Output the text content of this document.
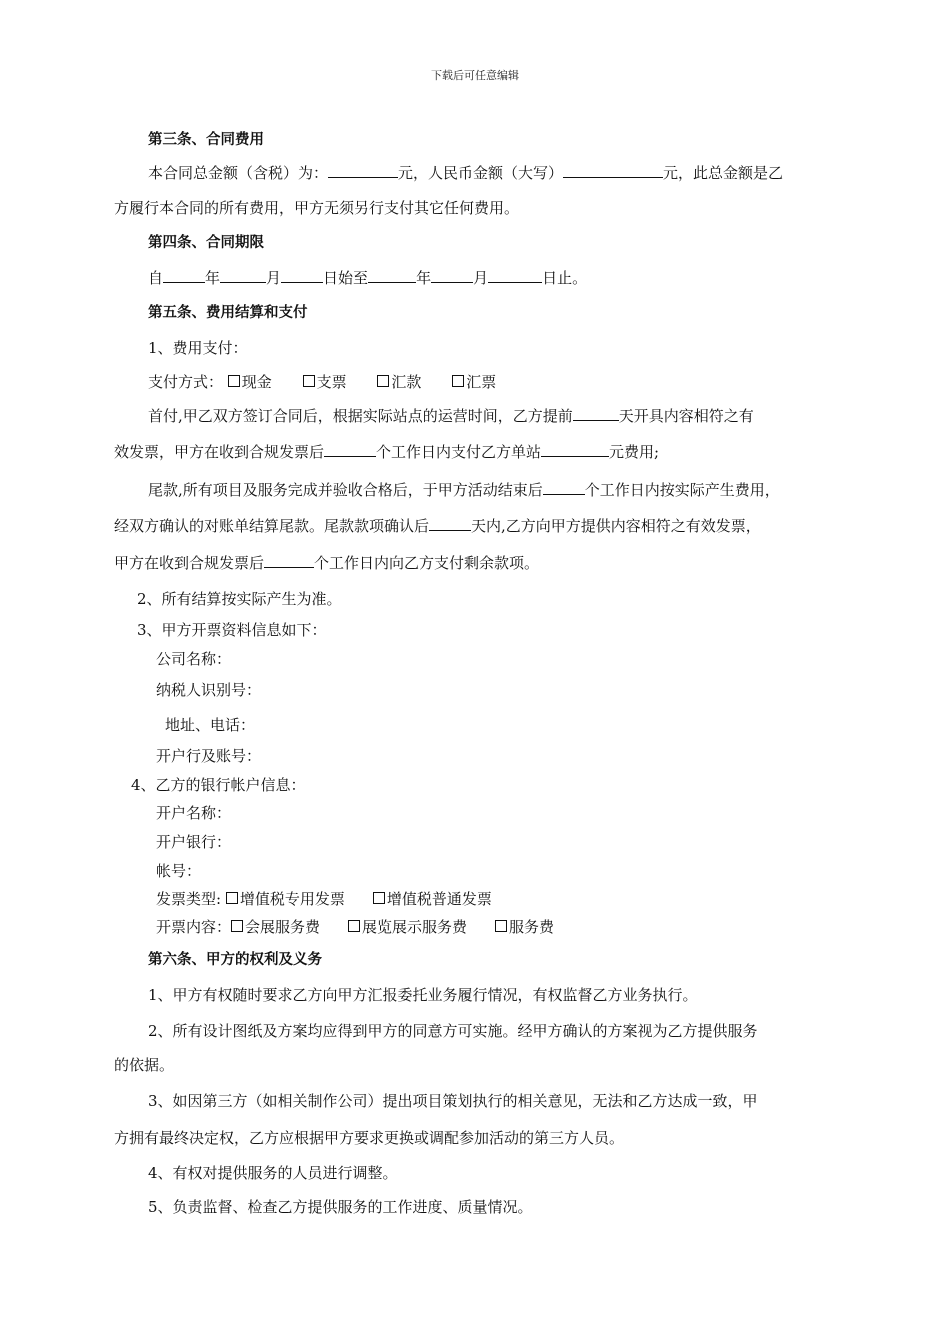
下载后可任意编辑
第三条、合同费用
本合同总金额（含税）为：	元，人民币金额（大写）	元，此总金额是乙
方履行本合同的所有费用，甲方无须另行支付其它任何费用。
第四条、合同期限
自	年	月	日始至	年	月	日止。
第五条、费用结算和支付
1、费用支付：
支付方式： 现金	支票	汇款	汇票
首付,甲乙双方签订合同后，根据实际站点的运营时间，乙方提前	天开具内容相符之有
效发票，甲方在收到合规发票后	个工作日内支付乙方单站	元费用;
尾款,所有项目及服务完成并验收合格后，于甲方活动结束后	个工作日内按实际产生费用，
经双方确认的对账单结算尾款。尾款款项确认后	天内,乙方向甲方提供内容相符之有效发票，
甲方在收到合规发票后	个工作日内向乙方支付剩余款项。
2、所有结算按实际产生为准。
3、甲方开票资料信息如下：
公司名称：
纳税人识别号：
地址、电话：
开户行及账号：
4、乙方的银行帐户信息：
开户名称：
开户银行：
帐号：
发票类型: 增值税专用发票	增值税普通发票
开票内容： 会展服务费	展览展示服务费	服务费
第六条、甲方的权利及义务
1、甲方有权随时要求乙方向甲方汇报委托业务履行情况，有权监督乙方业务执行。
2、所有设计图纸及方案均应得到甲方的同意方可实施。经甲方确认的方案视为乙方提供服务
的依据。
3、如因第三方（如相关制作公司）提出项目策划执行的相关意见，无法和乙方达成一致，甲
方拥有最终决定权，乙方应根据甲方要求更换或调配参加活动的第三方人员。
4、有权对提供服务的人员进行调整。
5、负责监督、检查乙方提供服务的工作进度、质量情况。
